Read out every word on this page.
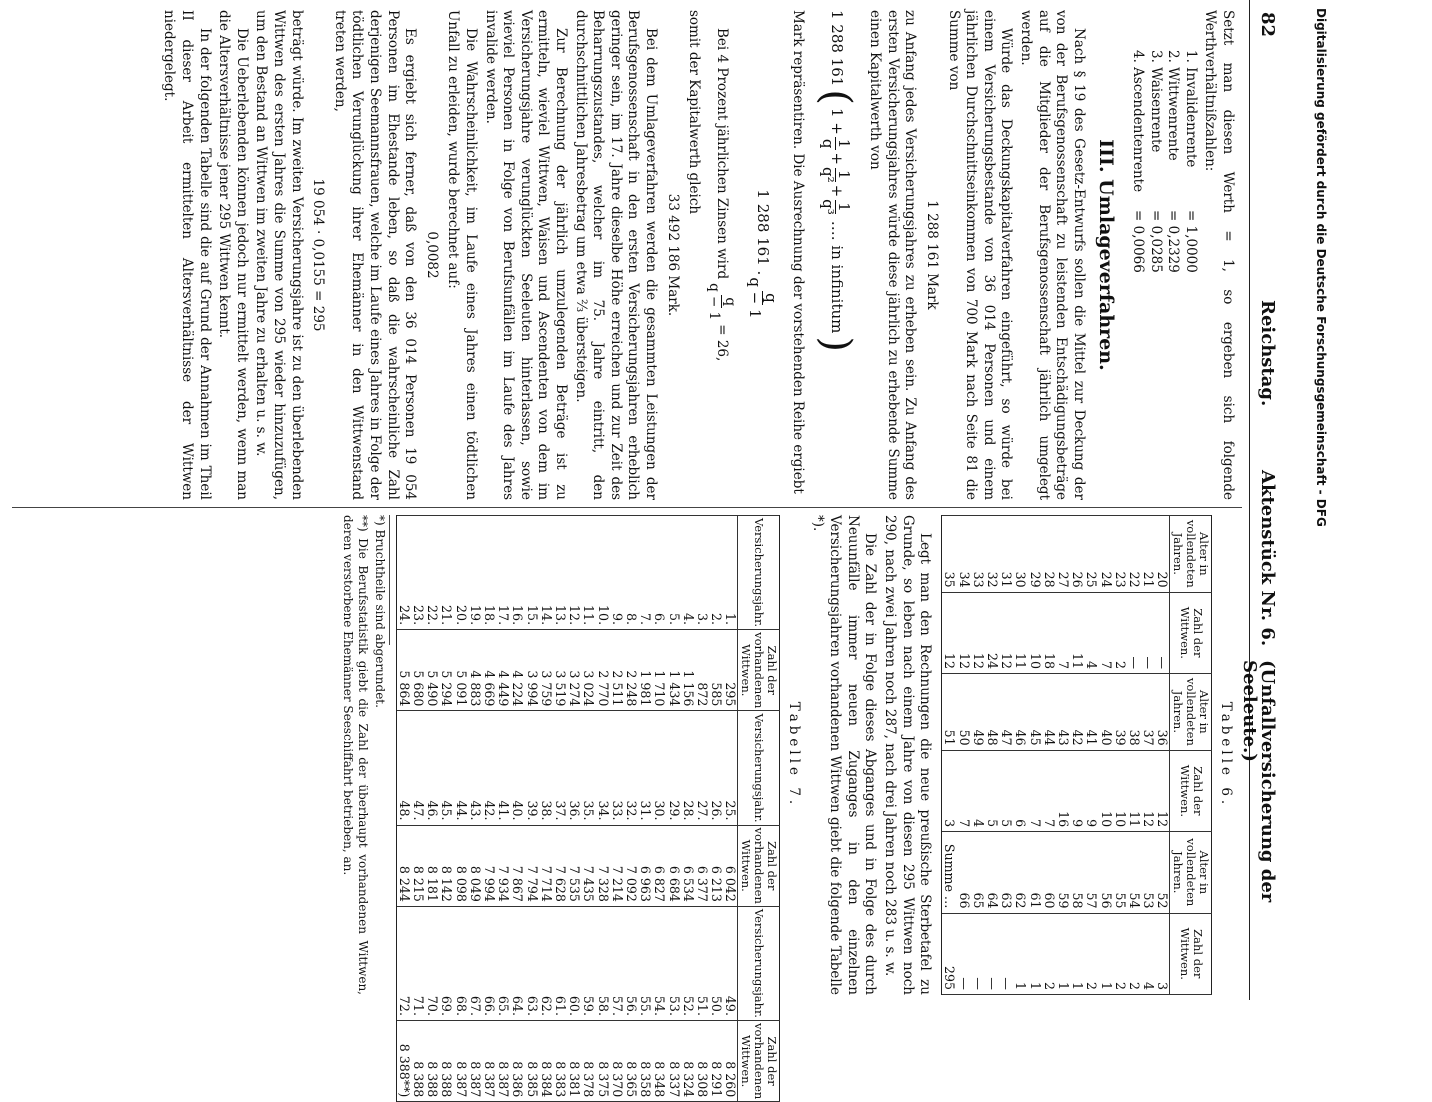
82
Reichstag.
Aktenstück Nr. 6.
(Unfallversicherung der Seeleute.)

Setzt man diesen Werth = 1, so ergeben sich folgende Werthverhältnißzahlen:

1. Invalidenrente
= 1,0000
2. Wittwenrente
= 0,2329
3. Waisenrente
= 0,0285
4. Ascendentenrente
= 0,0066
III. Umlageverfahren.

Nach § 19 des Gesetz-Entwurfs sollen die Mittel zur Deckung der von der Berufsgenossenschaft zu leistenden Entschädigungsbeträge auf die Mitglieder der Berufsgenossenschaft jährlich umgelegt werden.

Würde das Deckungskapitalverfahren eingeführt, so würde bei einem Versicherungsbestande von 36 014 Personen und einem jährlichen Durchschnittseinkommen von 700 Mark nach Seite 81 die Summe von

1 288 161 Mark

zu Anfang jedes Versicherungsjahres zu erheben sein. Zu Anfang des ersten Versicherungsjahres würde diese jährlich zu erhebende Summe einen Kapitalwerth von

1 288 161
(
1 +
1
q
+
1
q²
+
1
q³
…. in infinitum
)

Mark repräsentiren. Die Ausrechnung der vorstehenden Reihe ergiebt

1 288 161 .
q
q − 1
Bei 4 Prozent jährlichen Zinsen wird
q
q − 1
= 26,

somit der Kapitalwerth gleich

33 492 186 Mark.

Bei dem Umlageverfahren werden die gesammten Leistungen der Berufsgenossenschaft in den ersten Versicherungsjahren erheblich geringer sein, im 17. Jahre dieselbe Höhe erreichen und zur Zeit des Beharrungszustandes, welcher im 75. Jahre eintritt, den durchschnittlichen Jahresbetrag um etwa ⅔ übersteigen.

Zur Berechnung der jährlich umzulegenden Beträge ist zu ermitteln, wieviel Wittwen, Waisen und Ascendenten von dem im Versicherungsjahre verunglückten Seeleuten hinterlassen, sowie wieviel Personen in Folge von Berufsunfällen im Laufe des Jahres invalide werden.

Die Wahrscheinlichkeit, im Laufe eines Jahres einen tödtlichen Unfall zu erleiden, wurde berechnet auf:

0,0082

Es ergiebt sich ferner, daß von den 36 014 Personen 19 054 Personen im Ehestande leben, so daß die wahrscheinliche Zahl derjenigen Seemannsfrauen, welche im Laufe eines Jahres in Folge der tödtlichen Verunglückung ihrer Ehemänner in den Wittwenstand treten werden,

19 054 · 0,0155 = 295

beträgt würde. Im zweiten Versicherungsjahre ist zu den überlebenden Wittwen des ersten Jahres die Summe von 295 wieder hinzuzufügen, um den Bestand an Wittwen im zweiten Jahre zu erhalten u. s. w.

Die Ueberlebenden können jedoch nur ermittelt werden, wenn man die Altersverhältnisse jener 295 Wittwen kennt.

In der folgenden Tabelle sind die auf Grund der Annahmen im Theil II dieser Arbeit ermittelten Altersverhältnisse der Wittwen niedergelegt.

Tabelle 6.
Alter in vollendeten Jahren.	Zahl der Wittwen.	Alter in vollendeten Jahren.	Zahl der Wittwen.	Alter in vollendeten Jahren.	Zahl der Wittwen.
20	—	36	12	52	3
21	—	37	12	53	4
22	—	38	11	54	2
23	2	39	10	55	2
24	7	40	10	56	1
25	4	41	9	57	2
26	11	42	9	58	1
27	7	43	16	59	1
28	18	44	7	60	2
29	10	45	7	61	1
30	11	46	6	62	1
31	12	47	5	63	—
32	24	48	5	64	—
33	12	49	4	65	—
34	12	50	7	66	—
35	12	51	3	Summe …	295

Legt man den Rechnungen die neue preußische Sterbetafel zu Grunde, so leben nach einem Jahre von diesen 295 Wittwen noch 290, nach zwei Jahren noch 287, nach drei Jahren noch 283 u. s. w.

Die Zahl der in Folge dieses Abganges und in Folge des durch Neuunfälle immer neuen Zuganges in den einzelnen Versicherungsjahren vorhandenen Wittwen giebt die folgende Tabelle *).

Tabelle 7.
Versicherungsjahr.	Zahl der vorhandenen Wittwen.	Versicherungsjahr.	Zahl der vorhandenen Wittwen.	Versicherungsjahr.	Zahl der vorhandenen Wittwen.
1.	295	25.	6 042	49.	8 260
2.	585	26.	6 213	50.	8 291
3.	872	27.	6 377	51.	8 308
4.	1 156	28.	6 534	52.	8 324
5.	1 434	29.	6 684	53.	8 337
6.	1 710	30.	6 827	54.	8 348
7.	1 981	31.	6 963	55.	8 358
8.	2 248	32.	7 092	56.	8 365
9.	2 511	33.	7 214	57.	8 370
10.	2 770	34.	7 328	58.	8 375
11.	3 024	35.	7 435	59.	8 378
12.	3 274	36.	7 535	60.	8 381
13.	3 519	37.	7 628	61.	8 383
14.	3 759	38.	7 714	62.	8 384
15.	3 994	39.	7 794	63.	8 385
16.	4 224	40.	7 867	64.	8 386
17.	4 449	41.	7 934	65.	8 387
18.	4 669	42.	7 994	66.	8 387
19.	4 883	43.	8 049	67.	8 387
20.	5 091	44.	8 098	68.	8 387
21.	5 294	45.	8 142	69.	8 388
22.	5 490	46.	8 181	70.	8 388
23.	5 680	47.	8 215	71.	8 388
24.	5 864	48.	8 244	72.	8 388**)

*) Bruchtheile sind abgerundet.

**) Die Berufsstatistik giebt die Zahl der überhaupt vorhandenen Wittwen, deren verstorbene Ehemänner Seeschiffahrt betrieben, an.

Digitalisierung gefördert durch die Deutsche Forschungsgemeinschaft - DFG
